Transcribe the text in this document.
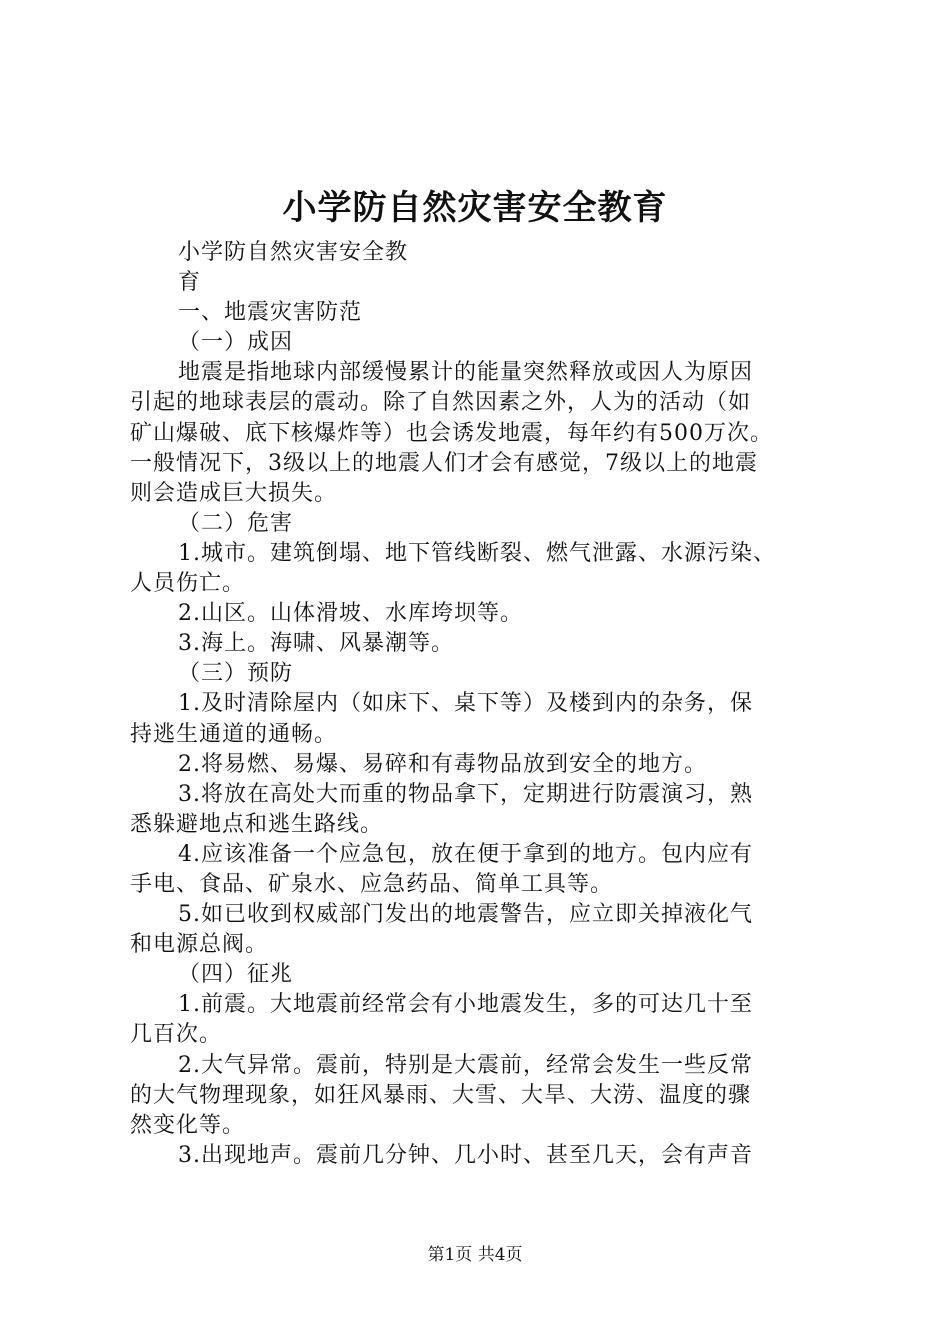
小学防自然灾害安全教育
小学防自然灾害安全教
育
一、地震灾害防范
（一）成因
地震是指地球内部缓慢累计的能量突然释放或因人为原因
引起的地球表层的震动。除了自然因素之外，人为的活动（如
矿山爆破、底下核爆炸等）也会诱发地震，每年约有500万次。
一般情况下，3级以上的地震人们才会有感觉，7级以上的地震
则会造成巨大损失。
（二）危害
1.城市。建筑倒塌、地下管线断裂、燃气泄露、水源污染、
人员伤亡。
2.山区。山体滑坡、水库垮坝等。
3.海上。海啸、风暴潮等。
（三）预防
1.及时清除屋内（如床下、桌下等）及楼到内的杂务，保
持逃生通道的通畅。
2.将易燃、易爆、易碎和有毒物品放到安全的地方。
3.将放在高处大而重的物品拿下，定期进行防震演习，熟
悉躲避地点和逃生路线。
4.应该准备一个应急包，放在便于拿到的地方。包内应有
手电、食品、矿泉水、应急药品、简单工具等。
5.如已收到权威部门发出的地震警告，应立即关掉液化气
和电源总阀。
（四）征兆
1.前震。大地震前经常会有小地震发生，多的可达几十至
几百次。
2.大气异常。震前，特别是大震前，经常会发生一些反常
的大气物理现象，如狂风暴雨、大雪、大旱、大涝、温度的骤
然变化等。
3.出现地声。震前几分钟、几小时、甚至几天，会有声音
第1页 共4页
